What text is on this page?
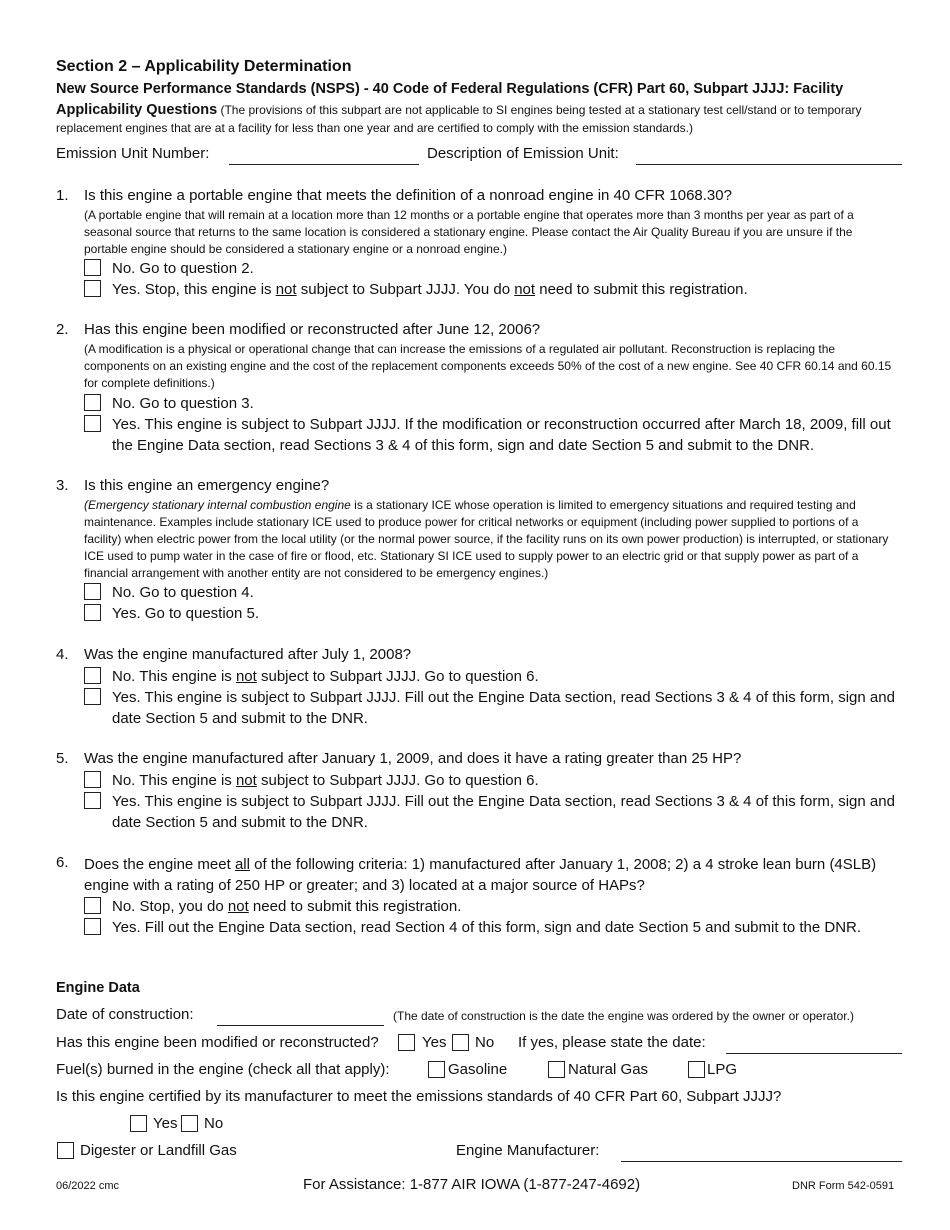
Section 2 – Applicability Determination
New Source Performance Standards (NSPS) - 40 Code of Federal Regulations (CFR) Part 60, Subpart JJJJ: Facility
Applicability Questions (The provisions of this subpart are not applicable to SI engines being tested at a stationary test cell/stand or to temporary replacement engines that are at a facility for less than one year and are certified to comply with the emission standards.)
Emission Unit Number:	Description of Emission Unit:
1. Is this engine a portable engine that meets the definition of a nonroad engine in 40 CFR 1068.30?
(A portable engine that will remain at a location more than 12 months or a portable engine that operates more than 3 months per year as part of a seasonal source that returns to the same location is considered a stationary engine. Please contact the Air Quality Bureau if you are unsure if the portable engine should be considered a stationary engine or a nonroad engine.)
No. Go to question 2.
Yes. Stop, this engine is not subject to Subpart JJJJ. You do not need to submit this registration.
2. Has this engine been modified or reconstructed after June 12, 2006?
(A modification is a physical or operational change that can increase the emissions of a regulated air pollutant. Reconstruction is replacing the components on an existing engine and the cost of the replacement components exceeds 50% of the cost of a new engine. See 40 CFR 60.14 and 60.15 for complete definitions.)
No. Go to question 3.
Yes. This engine is subject to Subpart JJJJ. If the modification or reconstruction occurred after March 18, 2009, fill out the Engine Data section, read Sections 3 & 4 of this form, sign and date Section 5 and submit to the DNR.
3. Is this engine an emergency engine?
(Emergency stationary internal combustion engine is a stationary ICE whose operation is limited to emergency situations and required testing and maintenance. Examples include stationary ICE used to produce power for critical networks or equipment (including power supplied to portions of a facility) when electric power from the local utility (or the normal power source, if the facility runs on its own power production) is interrupted, or stationary ICE used to pump water in the case of fire or flood, etc. Stationary SI ICE used to supply power to an electric grid or that supply power as part of a financial arrangement with another entity are not considered to be emergency engines.)
No. Go to question 4.
Yes. Go to question 5.
4. Was the engine manufactured after July 1, 2008?
No. This engine is not subject to Subpart JJJJ. Go to question 6.
Yes. This engine is subject to Subpart JJJJ. Fill out the Engine Data section, read Sections 3 & 4 of this form, sign and date Section 5 and submit to the DNR.
5. Was the engine manufactured after January 1, 2009, and does it have a rating greater than 25 HP?
No. This engine is not subject to Subpart JJJJ. Go to question 6.
Yes. This engine is subject to Subpart JJJJ. Fill out the Engine Data section, read Sections 3 & 4 of this form, sign and date Section 5 and submit to the DNR.
6. Does the engine meet all of the following criteria: 1) manufactured after January 1, 2008; 2) a 4 stroke lean burn (4SLB) engine with a rating of 250 HP or greater; and 3) located at a major source of HAPs?
No. Stop, you do not need to submit this registration.
Yes. Fill out the Engine Data section, read Section 4 of this form, sign and date Section 5 and submit to the DNR.
Engine Data
Date of construction:	(The date of construction is the date the engine was ordered by the owner or operator.)
Has this engine been modified or reconstructed?	Yes No If yes, please state the date:
Fuel(s) burned in the engine (check all that apply):	Gasoline	Natural Gas	LPG
Is this engine certified by its manufacturer to meet the emissions standards of 40 CFR Part 60, Subpart JJJJ?
Yes No
Digester or Landfill Gas	Engine Manufacturer:
06/2022 cmc	For Assistance: 1-877 AIR IOWA (1-877-247-4692)	DNR Form 542-0591
